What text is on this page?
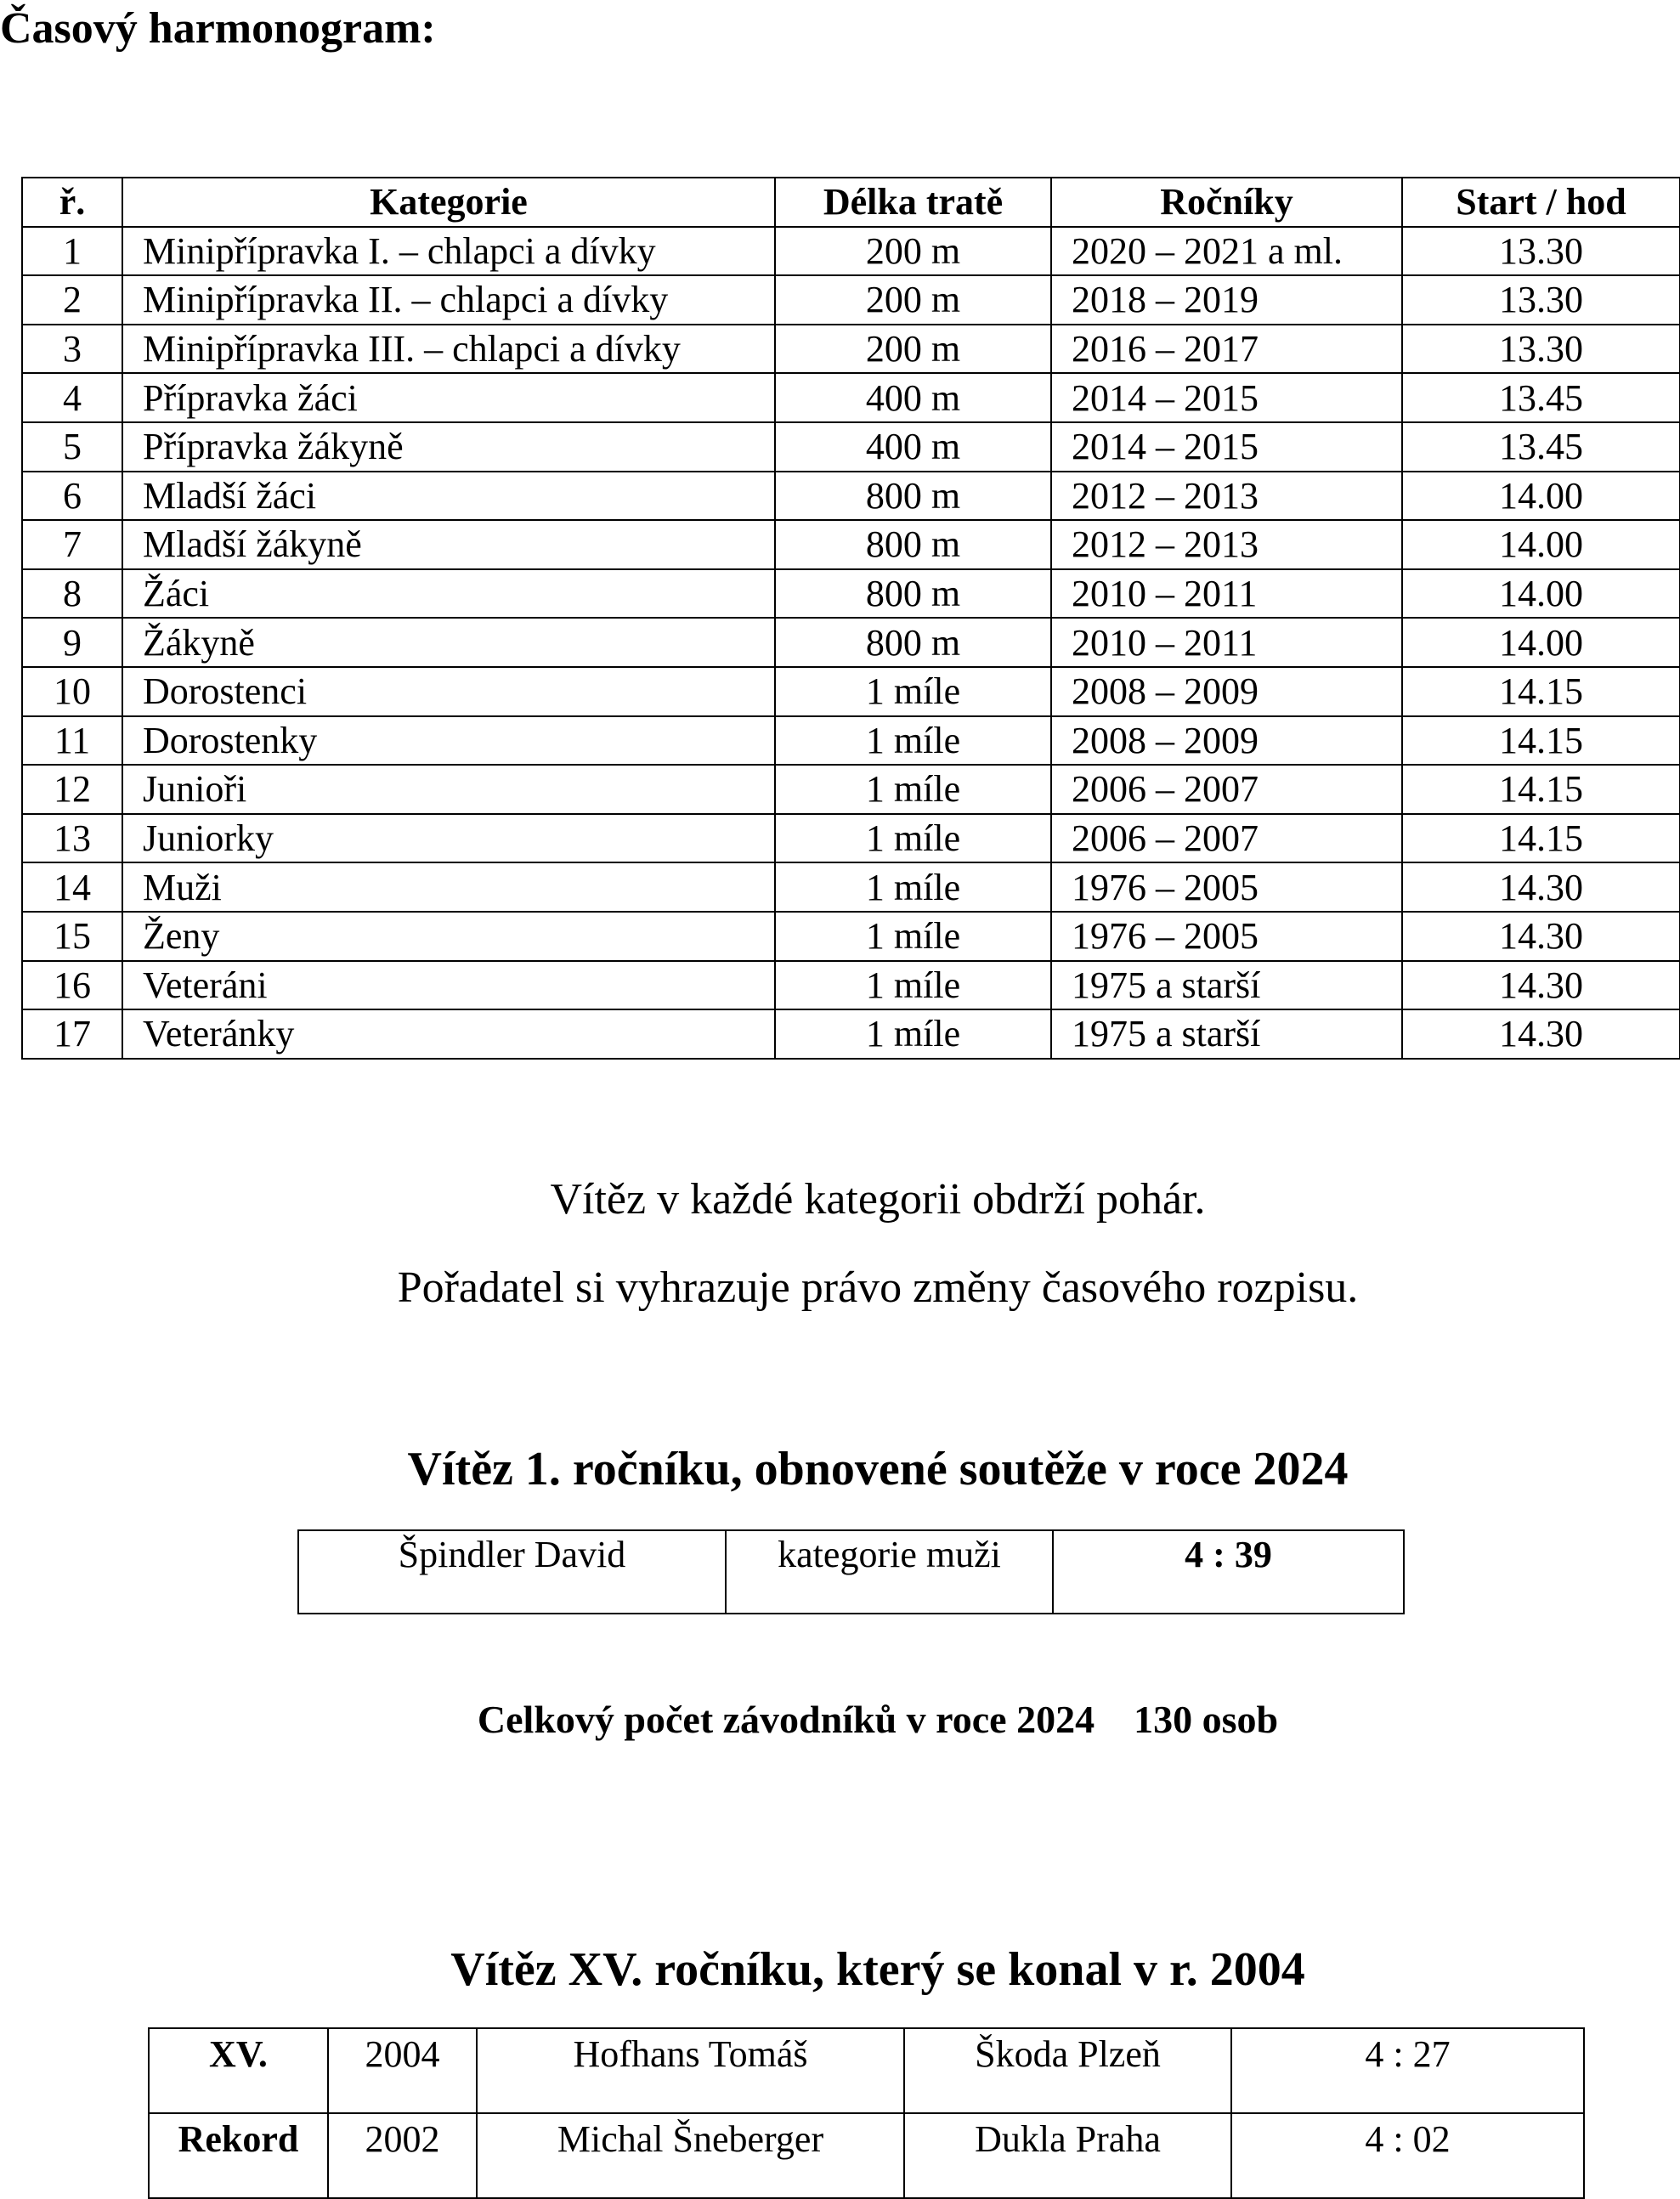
Časový harmonogram:
ř.	Kategorie	Délka tratě	Ročníky	Start / hod
1	Minipřípravka I. – chlapci a dívky	200 m	2020 – 2021 a ml.	13.30
2	Minipřípravka II. – chlapci a dívky	200 m	2018 – 2019	13.30
3	Minipřípravka III. – chlapci a dívky	200 m	2016 – 2017	13.30
4	Přípravka žáci	400 m	2014 – 2015	13.45
5	Přípravka žákyně	400 m	2014 – 2015	13.45
6	Mladší žáci	800 m	2012 – 2013	14.00
7	Mladší žákyně	800 m	2012 – 2013	14.00
8	Žáci	800 m	2010 – 2011	14.00
9	Žákyně	800 m	2010 – 2011	14.00
10	Dorostenci	1 míle	2008 – 2009	14.15
11	Dorostenky	1 míle	2008 – 2009	14.15
12	Junioři	1 míle	2006 – 2007	14.15
13	Juniorky	1 míle	2006 – 2007	14.15
14	Muži	1 míle	1976 – 2005	14.30
15	Ženy	1 míle	1976 – 2005	14.30
16	Veteráni	1 míle	1975 a starší	14.30
17	Veteránky	1 míle	1975 a starší	14.30
Vítěz v každé kategorii obdrží pohár.
Pořadatel si vyhrazuje právo změny časového rozpisu.
Vítěz 1. ročníku, obnovené soutěže v roce 2024
Špindler David	kategorie muži	4 : 39
Celkový počet závodníků v roce 2024 130 osob
Vítěz XV. ročníku, který se konal v r. 2004
XV.	2004	Hofhans Tomáš	Škoda Plzeň	4 : 27
Rekord	2002	Michal Šneberger	Dukla Praha	4 : 02
